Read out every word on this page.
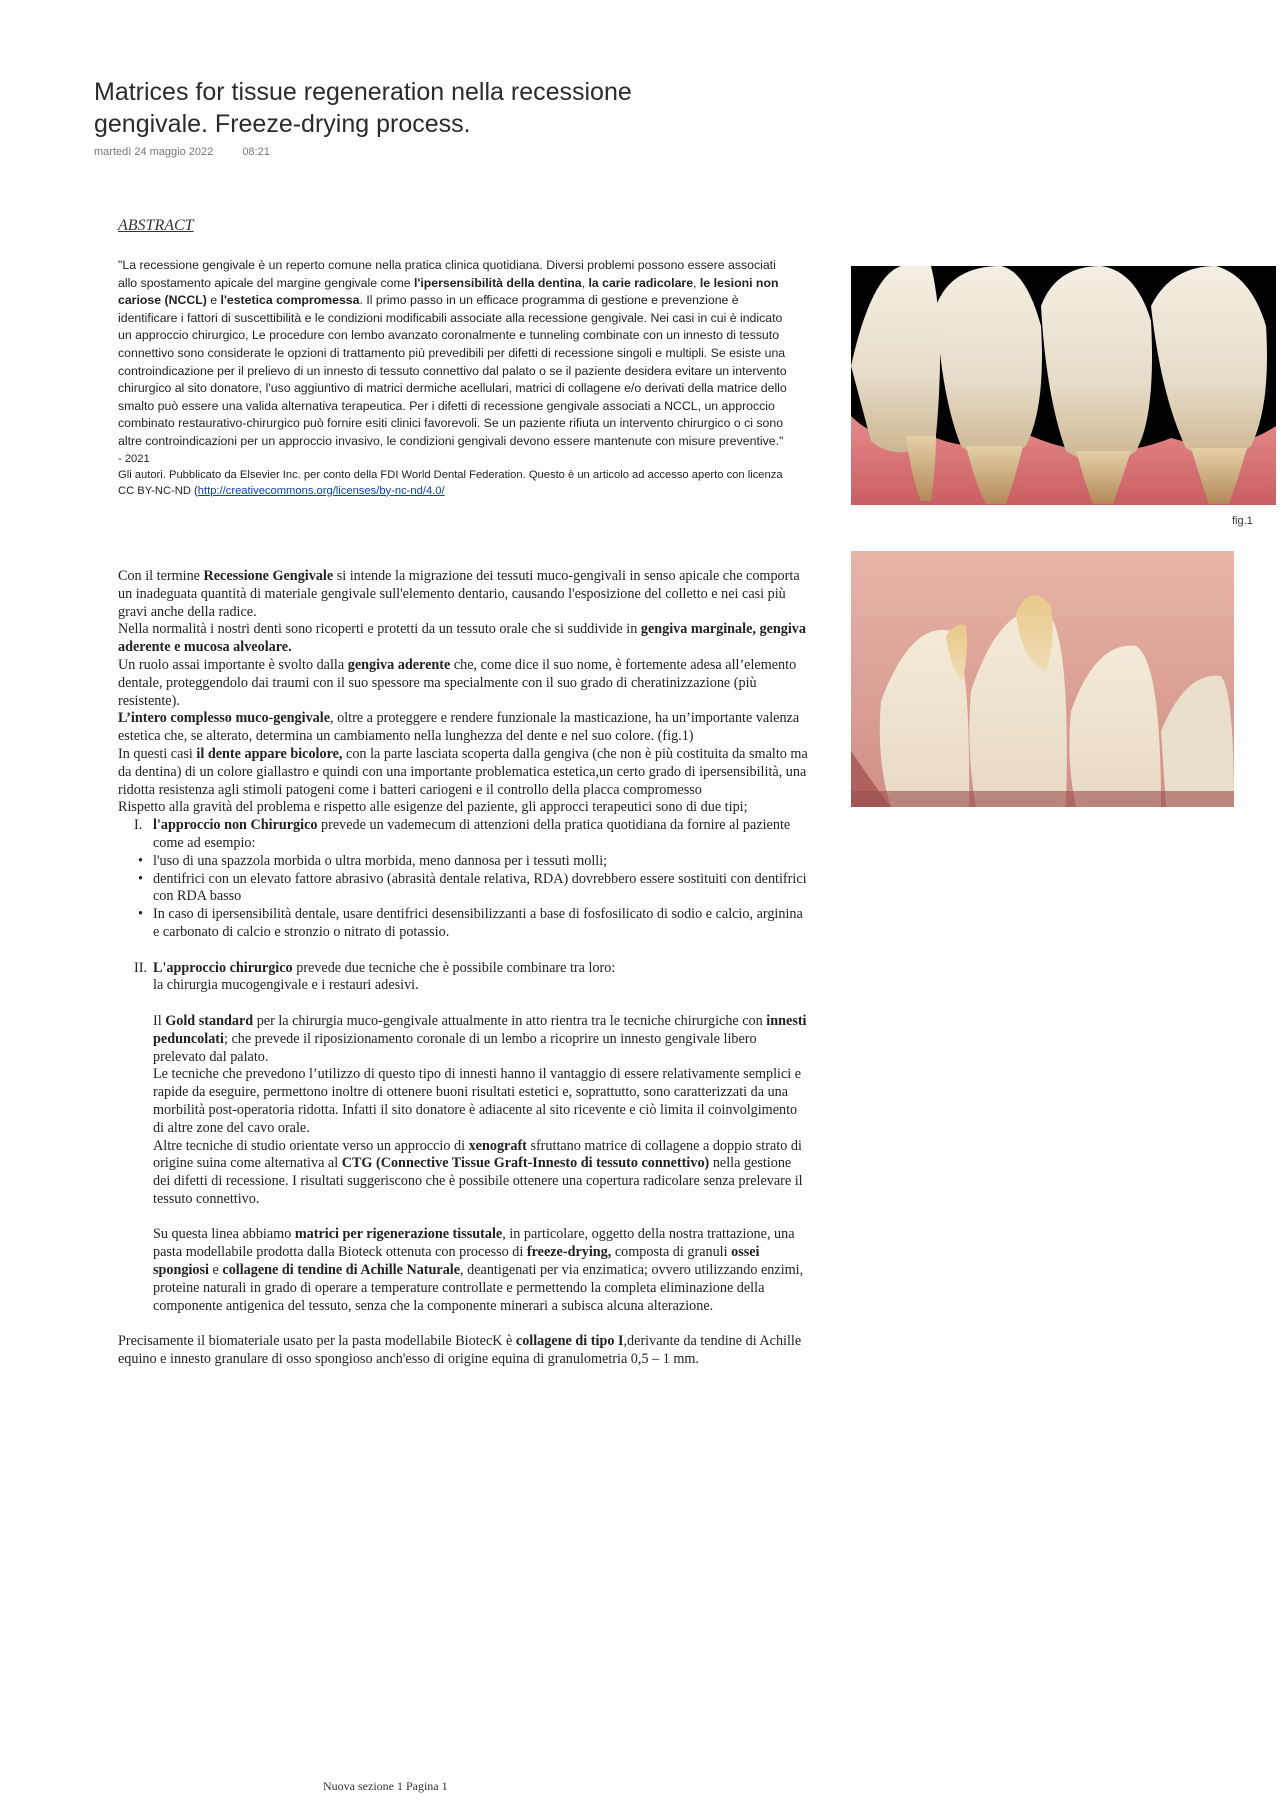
Matrices for tissue regeneration nella recessione gengivale. Freeze-drying process.
martedì 24 maggio 2022	08:21
ABSTRACT

"La recessione gengivale è un reperto comune nella pratica clinica quotidiana. Diversi problemi possono essere associati allo spostamento apicale del margine gengivale come l'ipersensibilità della dentina, la carie radicolare, le lesioni non cariose (NCCL) e l'estetica compromessa. Il primo passo in un efficace programma di gestione e prevenzione è identificare i fattori di suscettibilità e le condizioni modificabili associate alla recessione gengivale. Nei casi in cui è indicato un approccio chirurgico, Le procedure con lembo avanzato coronalmente e tunneling combinate con un innesto di tessuto connettivo sono considerate le opzioni di trattamento più prevedibili per difetti di recessione singoli e multipli. Se esiste una controindicazione per il prelievo di un innesto di tessuto connettivo dal palato o se il paziente desidera evitare un intervento chirurgico al sito donatore, l'uso aggiuntivo di matrici dermiche acellulari, matrici di collagene e/o derivati della matrice dello smalto può essere una valida alternativa terapeutica. Per i difetti di recessione gengivale associati a NCCL, un approccio combinato restaurativo-chirurgico può fornire esiti clinici favorevoli. Se un paziente rifiuta un intervento chirurgico o ci sono altre controindicazioni per un approccio invasivo, le condizioni gengivali devono essere mantenute con misure preventive."

- 2021

Gli autori. Pubblicato da Elsevier Inc. per conto della FDI World Dental Federation. Questo è un articolo ad accesso aperto con licenza CC BY-NC-ND (http://creativecommons.org/licenses/by-nc-nd/4.0/

fig.1

Con il termine Recessione Gengivale si intende la migrazione dei tessuti muco-gengivali in senso apicale che comporta un inadeguata quantità di materiale gengivale sull'elemento dentario, causando l'esposizione del colletto e nei casi più gravi anche della radice.

Nella normalità i nostri denti sono ricoperti e protetti da un tessuto orale che si suddivide in gengiva marginale, gengiva aderente e mucosa alveolare.

Un ruolo assai importante è svolto dalla gengiva aderente che, come dice il suo nome, è fortemente adesa all’elemento dentale, proteggendolo dai traumi con il suo spessore ma specialmente con il suo grado di cheratinizzazione (più resistente).

L’intero complesso muco-gengivale, oltre a proteggere e rendere funzionale la masticazione, ha un’importante valenza estetica che, se alterato, determina un cambiamento nella lunghezza del dente e nel suo colore. (fig.1)

In questi casi il dente appare bicolore, con la parte lasciata scoperta dalla gengiva (che non è più costituita da smalto ma da dentina) di un colore giallastro e quindi con una importante problematica estetica,un certo grado di ipersensibilità, una ridotta resistenza agli stimoli patogeni come i batteri cariogeni e il controllo della placca compromesso

Rispetto alla gravità del problema e rispetto alle esigenze del paziente, gli approcci terapeutici sono di due tipi;

I. l'approccio non Chirurgico prevede un vademecum di attenzioni della pratica quotidiana da fornire al paziente come ad esempio:
• l'uso di una spazzola morbida o ultra morbida, meno dannosa per i tessuti molli;
• dentifrici con un elevato fattore abrasivo (abrasità dentale relativa, RDA) dovrebbero essere sostituiti con dentifrici con RDA basso
• In caso di ipersensibilità dentale, usare dentifrici desensibilizzanti a base di fosfosilicato di sodio e calcio, arginina e carbonato di calcio e stronzio o nitrato di potassio.
II. L'approccio chirurgico prevede due tecniche che è possibile combinare tra loro:
la chirurgia mucogengivale e i restauri adesivi.

Il Gold standard per la chirurgia muco-gengivale attualmente in atto rientra tra le tecniche chirurgiche con innesti peduncolati; che prevede il riposizionamento coronale di un lembo a ricoprire un innesto gengivale libero prelevato dal palato.

Le tecniche che prevedono l’utilizzo di questo tipo di innesti hanno il vantaggio di essere relativamente semplici e rapide da eseguire, permettono inoltre di ottenere buoni risultati estetici e, soprattutto, sono caratterizzati da una morbilità post-operatoria ridotta. Infatti il sito donatore è adiacente al sito ricevente e ciò limita il coinvolgimento di altre zone del cavo orale.

Altre tecniche di studio orientate verso un approccio di xenograft sfruttano matrice di collagene a doppio strato di origine suina come alternativa al CTG (Connective Tissue Graft-Innesto di tessuto connettivo) nella gestione dei difetti di recessione. I risultati suggeriscono che è possibile ottenere una copertura radicolare senza prelevare il tessuto connettivo.

Su questa linea abbiamo matrici per rigenerazione tissutale, in particolare, oggetto della nostra trattazione, una pasta modellabile prodotta dalla Bioteck ottenuta con processo di freeze-drying, composta di granuli ossei spongiosi e collagene di tendine di Achille Naturale, deantigenati per via enzimatica; ovvero utilizzando enzimi, proteine naturali in grado di operare a temperature controllate e permettendo la completa eliminazione della componente antigenica del tessuto, senza che la componente minerari a subisca alcuna alterazione.

Precisamente il biomateriale usato per la pasta modellabile BiotecK è collagene di tipo I,derivante da tendine di Achille equino e innesto granulare di osso spongioso anch'esso di origine equina di granulometria 0,5 – 1 mm.

Nuova sezione 1 Pagina 1
